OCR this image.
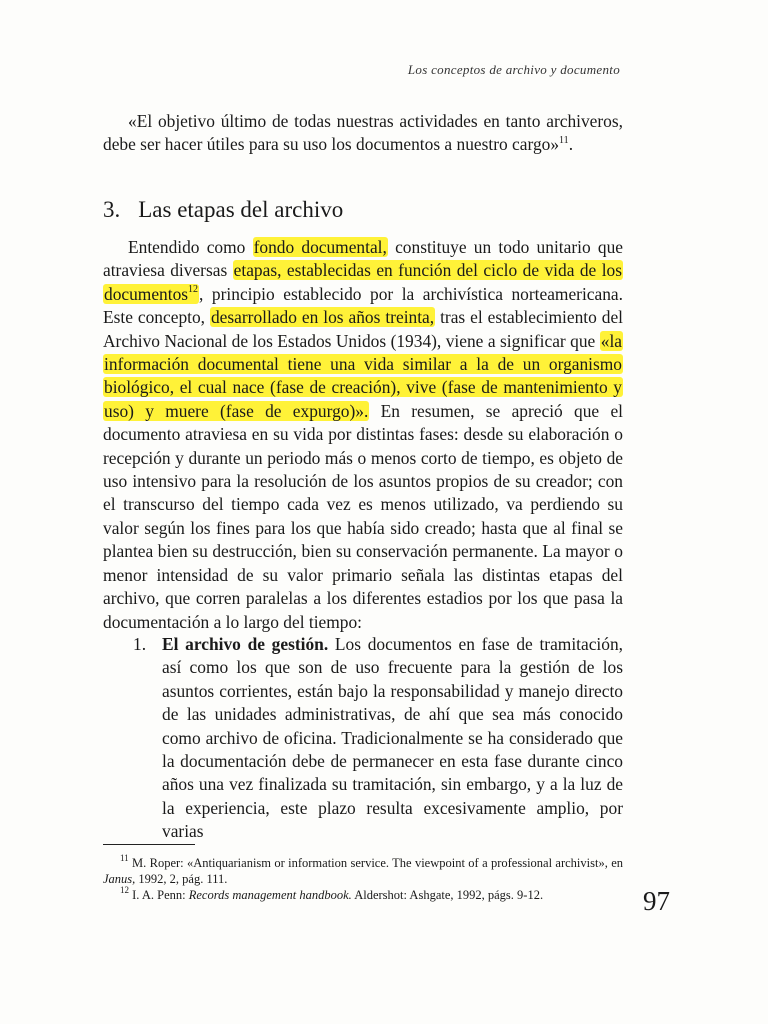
Los conceptos de archivo y documento
«El objetivo último de todas nuestras actividades en tanto archiveros, debe ser hacer útiles para su uso los documentos a nuestro cargo»$^{11}$.
3. Las etapas del archivo
Entendido como fondo documental, constituye un todo unitario que atraviesa diversas etapas, establecidas en función del ciclo de vida de los documentos$^{12}$, principio establecido por la archivística norteamericana. Este concepto, desarrollado en los años treinta, tras el establecimiento del Archivo Nacional de los Estados Unidos (1934), viene a significar que «la información documental tiene una vida similar a la de un organismo biológico, el cual nace (fase de creación), vive (fase de mantenimiento y uso) y muere (fase de expurgo)». En resumen, se apreció que el documento atraviesa en su vida por distintas fases: desde su elaboración o recepción y durante un periodo más o menos corto de tiempo, es objeto de uso intensivo para la resolución de los asuntos propios de su creador; con el transcurso del tiempo cada vez es menos utilizado, va perdiendo su valor según los fines para los que había sido creado; hasta que al final se plantea bien su destrucción, bien su conservación permanente. La mayor o menor intensidad de su valor primario señala las distintas etapas del archivo, que corren paralelas a los diferentes estadios por los que pasa la documentación a lo largo del tiempo:
1. El archivo de gestión. Los documentos en fase de tramitación, así como los que son de uso frecuente para la gestión de los asuntos corrientes, están bajo la responsabilidad y manejo directo de las unidades administrativas, de ahí que sea más conocido como archivo de oficina. Tradicionalmente se ha considerado que la documentación debe de permanecer en esta fase durante cinco años una vez finalizada su tramitación, sin embargo, y a la luz de la experiencia, este plazo resulta excesivamente amplio, por varias
$^{11}$ M. Roper: «Antiquarianism or information service. The viewpoint of a professional archivist», en Janus, 1992, 2, pág. 111.
$^{12}$ I. A. Penn: Records management handbook. Aldershot: Ashgate, 1992, págs. 9-12.	97
